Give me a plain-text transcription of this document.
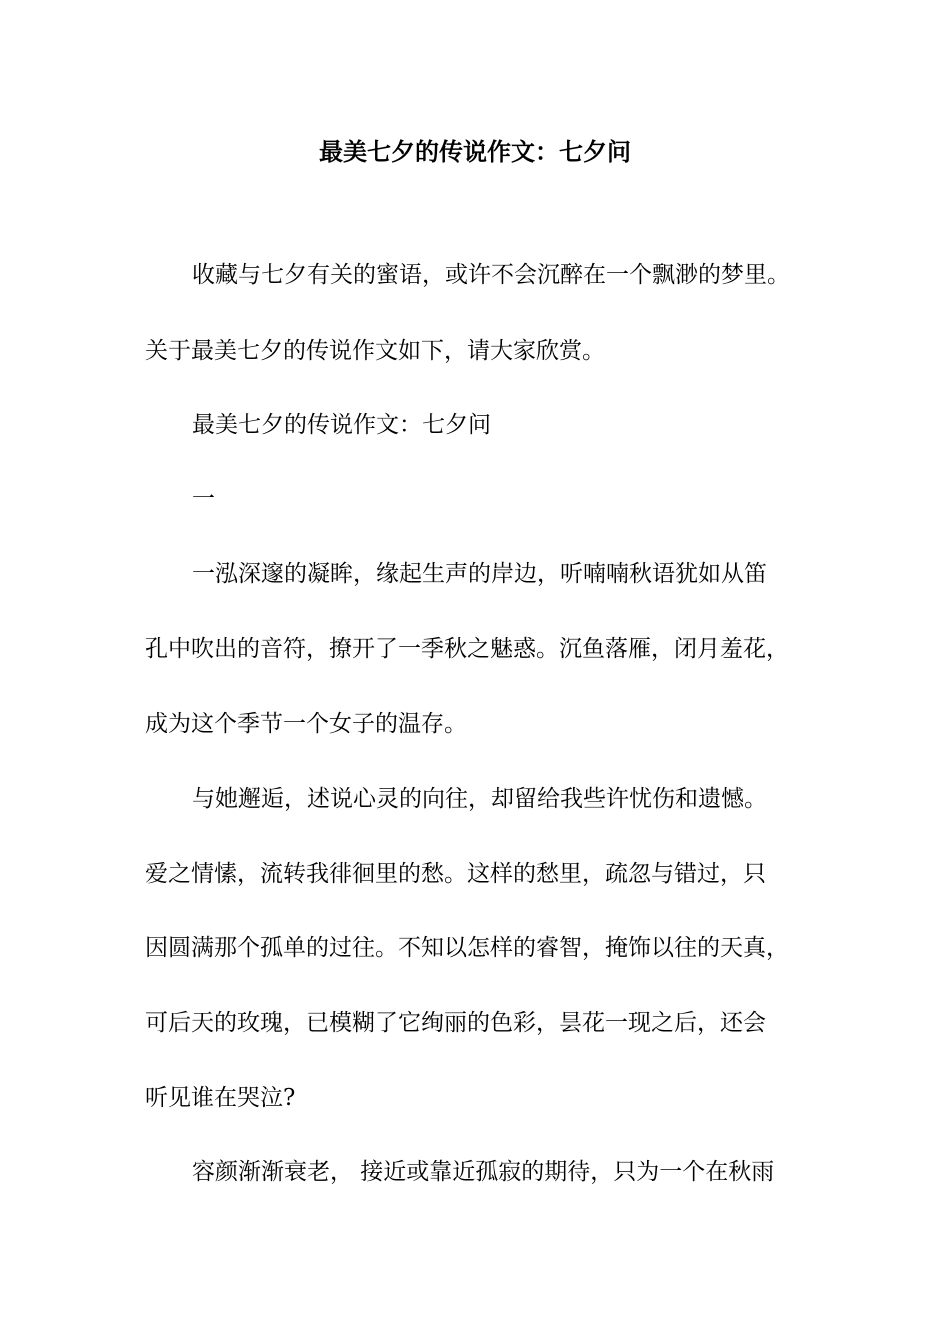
最美七夕的传说作文：七夕问
收藏与七夕有关的蜜语，或许不会沉醉在一个飘渺的梦里。
关于最美七夕的传说作文如下，请大家欣赏。
最美七夕的传说作文：七夕问
一
一泓深邃的凝眸，缘起生声的岸边，听喃喃秋语犹如从笛
孔中吹出的音符，撩开了一季秋之魅惑。沉鱼落雁，闭月羞花，
成为这个季节一个女子的温存。
与她邂逅，述说心灵的向往，却留给我些许忧伤和遗憾。
爱之情愫，流转我徘徊里的愁。这样的愁里，疏忽与错过，只
因圆满那个孤单的过往。不知以怎样的睿智，掩饰以往的天真，
可后天的玫瑰，已模糊了它绚丽的色彩，昙花一现之后，还会
听见谁在哭泣?
容颜渐渐衰老， 接近或靠近孤寂的期待，只为一个在秋雨
